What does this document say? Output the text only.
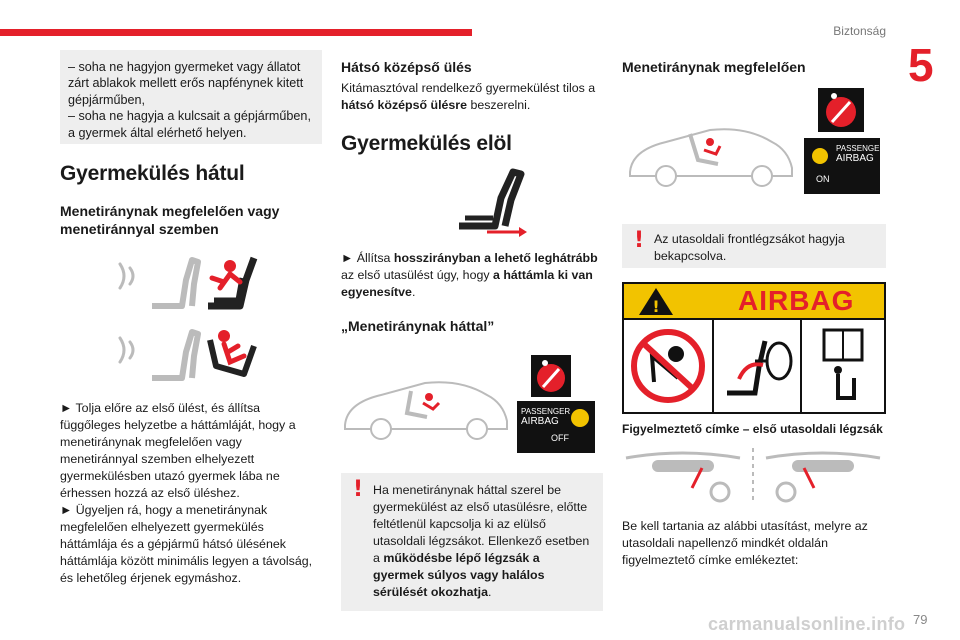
Biztonság
5

– soha ne hagyjon gyermeket vagy állatot zárt ablakok mellett erős napfénynek kitett gépjárműben,

– soha ne hagyja a kulcsait a gépjárműben, a gyermek által elérhető helyen.

Gyermekülés hátul
Menetiránynak megfelelően vagy menetiránnyal szemben

► Tolja előre az első ülést, és állítsa függőleges helyzetbe a háttámláját, hogy a menetiránynak megfelelően vagy menetiránnyal szemben elhelyezett gyermekülésben utazó gyermek lába ne érhessen hozzá az első üléshez.

► Ügyeljen rá, hogy a menetiránynak megfelelően elhelyezett gyermekülés háttámlája és a gépjármű hátsó ülésének háttámlája között minimális legyen a távolság, és lehetőleg érjenek egymáshoz.

Hátsó középső ülés

Kitámasztóval rendelkező gyermekülést tilos a hátsó középső ülésre beszerelni.

Gyermekülés elöl

► Állítsa hosszirányban a lehető leghátrább az első utasülést úgy, hogy a háttámla ki van egyenesítve.

„Menetiránynak háttal”
PASSENGER
AIRBAG
OFF
! Ha menetiránynak háttal szerel be gyermekülést az első utasülésre, előtte feltétlenül kapcsolja ki az elülső utasoldali légzsákot. Ellenkező esetben a működésbe lépő légzsák a gyermek súlyos vagy halálos sérülését okozhatja.
Menetiránynak megfelelően
PASSENGER
AIRBAG
ON
! Az utasoldali frontlégzsákot hagyja bekapcsolva.
!	AIRBAG
Figyelmeztető címke – első utasoldali légzsák

Be kell tartania az alábbi utasítást, melyre az utasoldali napellenző mindkét oldalán figyelmeztető címke emlékeztet:

carmanualsonline.info 79
